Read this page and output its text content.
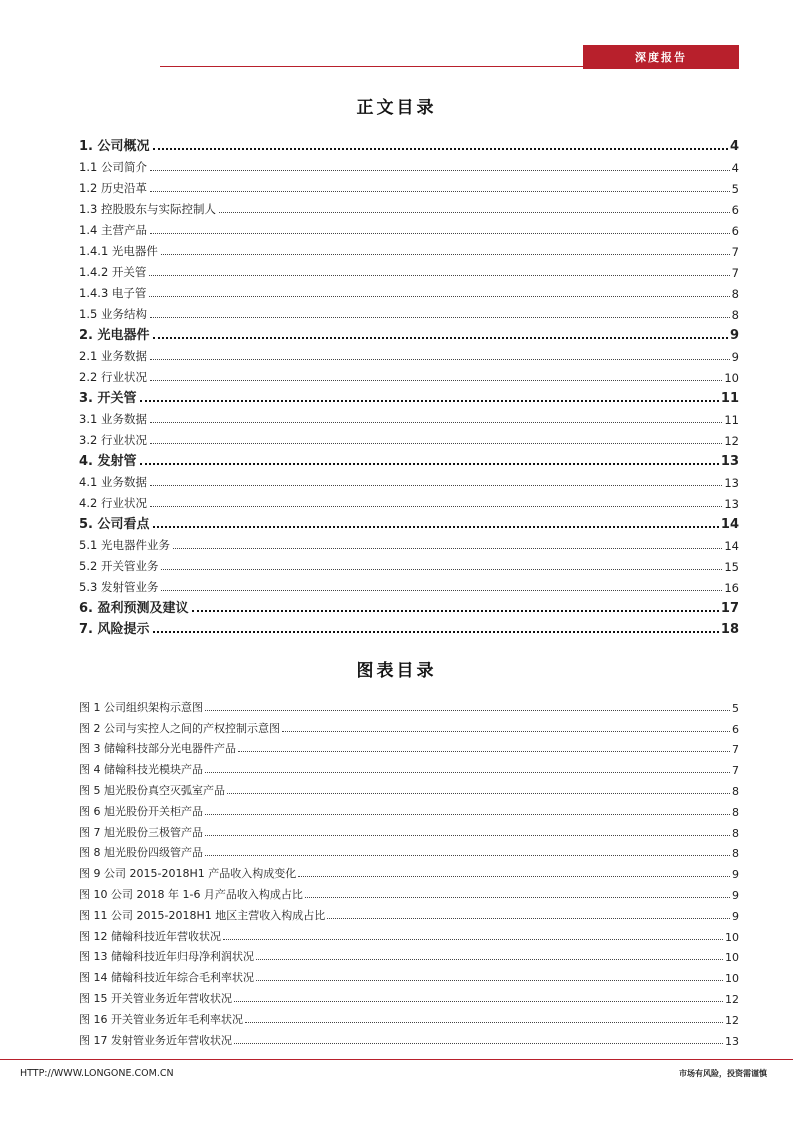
深度报告
正文目录
1. 公司概况	4
1.1 公司简介	4
1.2 历史沿革	5
1.3 控股股东与实际控制人	6
1.4 主营产品	6
1.4.1 光电器件	7
1.4.2 开关管	7
1.4.3 电子管	8
1.5 业务结构	8
2. 光电器件	9
2.1 业务数据	9
2.2 行业状况	10
3. 开关管	11
3.1 业务数据	11
3.2 行业状况	12
4. 发射管	13
4.1 业务数据	13
4.2 行业状况	13
5. 公司看点	14
5.1 光电器件业务	14
5.2 开关管业务	15
5.3 发射管业务	16
6. 盈利预测及建议	17
7. 风险提示	18
图表目录
图 1 公司组织架构示意图	5
图 2 公司与实控人之间的产权控制示意图	6
图 3 储翰科技部分光电器件产品	7
图 4 储翰科技光模块产品	7
图 5 旭光股份真空灭弧室产品	8
图 6 旭光股份开关柜产品	8
图 7 旭光股份三极管产品	8
图 8 旭光股份四级管产品	8
图 9 公司 2015-2018H1 产品收入构成变化	9
图 10 公司 2018 年 1-6 月产品收入构成占比	9
图 11 公司 2015-2018H1 地区主营收入构成占比	9
图 12 储翰科技近年营收状况	10
图 13 储翰科技近年归母净利润状况	10
图 14 储翰科技近年综合毛利率状况	10
图 15 开关管业务近年营收状况	12
图 16 开关管业务近年毛利率状况	12
图 17 发射管业务近年营收状况	13
HTTP://WWW.LONGONE.COM.CN	市场有风险，投资需谨慎
